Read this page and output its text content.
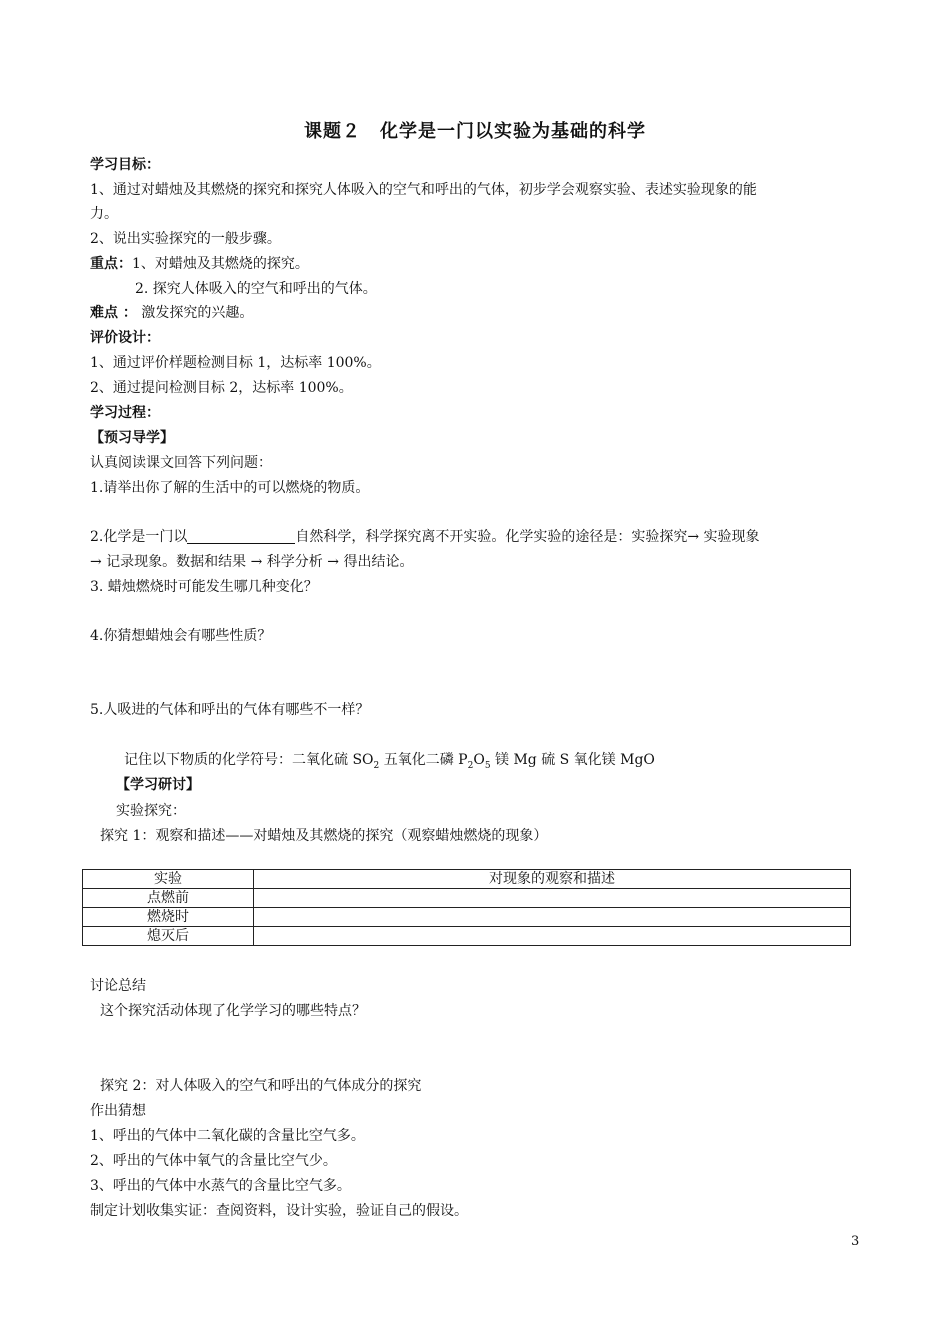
课题２　化学是一门以实验为基础的科学
学习目标：
1、通过对蜡烛及其燃烧的探究和探究人体吸入的空气和呼出的气体，初步学会观察实验、表述实验现象的能
力。
2、说出实验探究的一般步骤。
重点：1、对蜡烛及其燃烧的探究。
2. 探究人体吸入的空气和呼出的气体。
难点 ： 激发探究的兴趣。
评价设计：
1、通过评价样题检测目标 1，达标率 100%。
2、通过提问检测目标 2，达标率 100%。
学习过程：
【预习导学】
认真阅读课文回答下列问题：
1.请举出你了解的生活中的可以燃烧的物质。
2.化学是一门以	自然科学，科学探究离不开实验。化学实验的途径是：实验探究→ 实验现象
→ 记录现象。数据和结果 → 科学分析 → 得出结论。
3. 蜡烛燃烧时可能发生哪几种变化？
4.你猜想蜡烛会有哪些性质？
5.人吸进的气体和呼出的气体有哪些不一样？
记住以下物质的化学符号：二氧化硫 $SO_2$ 五氧化二磷 $P_2O_5$ 镁 Mg 硫 S 氧化镁 MgO
【学习研讨】
实验探究：
探究 1：观察和描述——对蜡烛及其燃烧的探究（观察蜡烛燃烧的现象）
实验	对现象的观察和描述
点燃前	
燃烧时	
熄灭后	
讨论总结
这个探究活动体现了化学学习的哪些特点？
探究 2：对人体吸入的空气和呼出的气体成分的探究
作出猜想
1、呼出的气体中二氧化碳的含量比空气多。
2、呼出的气体中氧气的含量比空气少。
3、呼出的气体中水蒸气的含量比空气多。
制定计划收集实证：查阅资料，设计实验，验证自己的假设。
3
